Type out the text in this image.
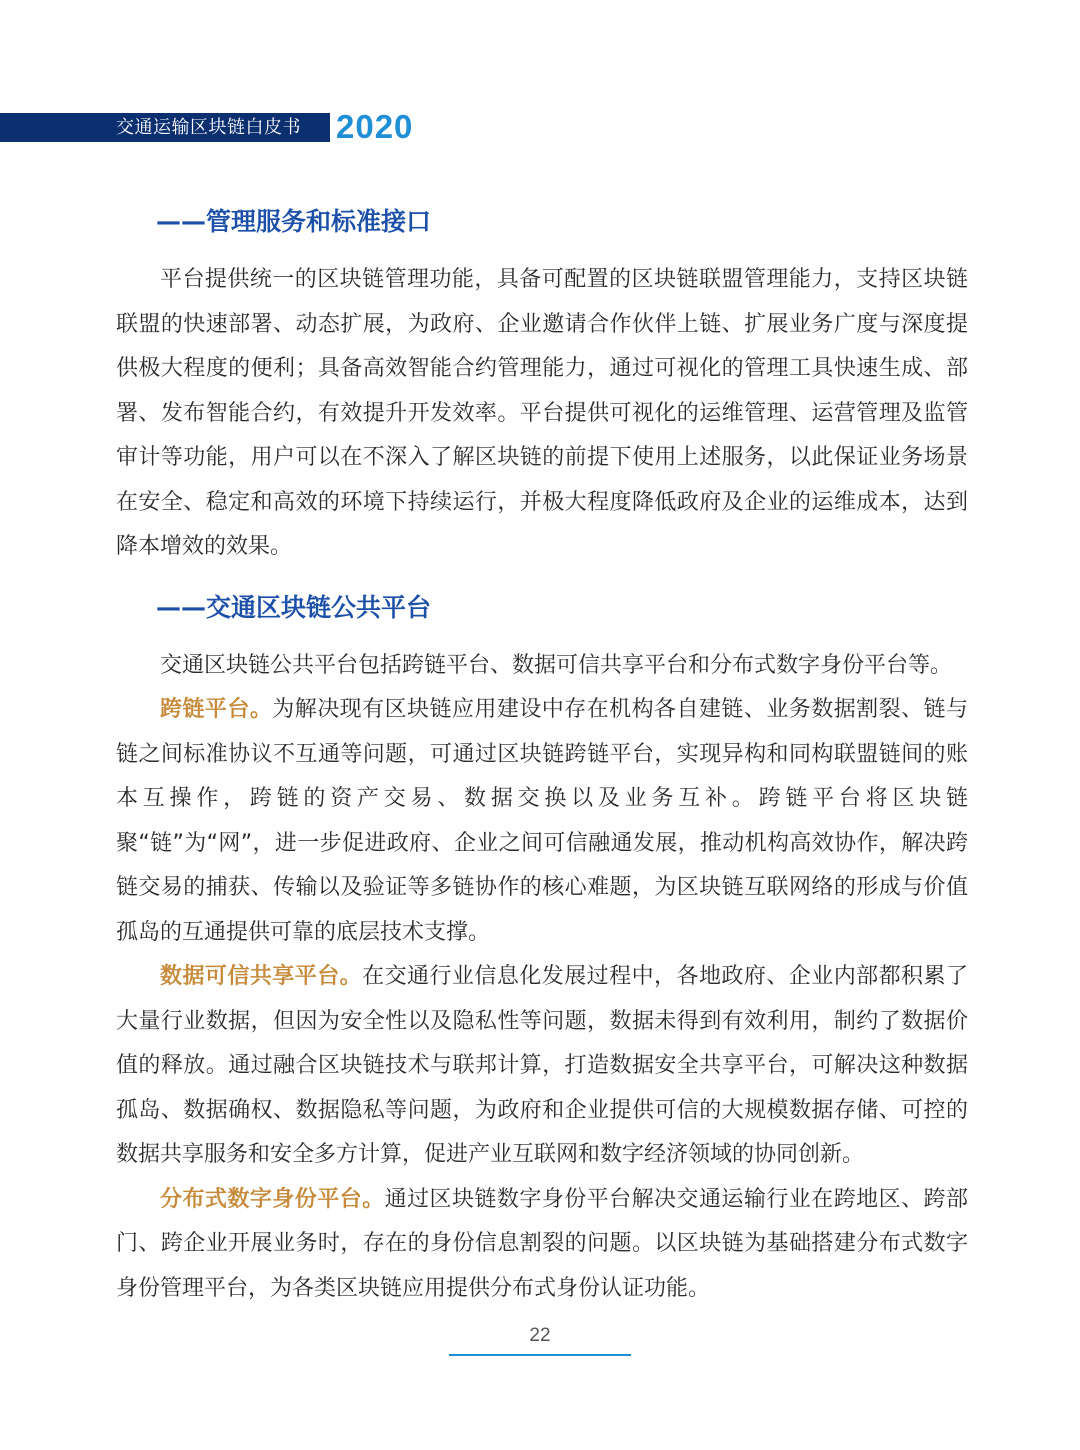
交通运输区块链白皮书 2020
——管理服务和标准接口

平台提供统一的区块链管理功能，具备可配置的区块链联盟管理能力，支持区块链联盟的快速部署、动态扩展，为政府、企业邀请合作伙伴上链、扩展业务广度与深度提供极大程度的便利；具备高效智能合约管理能力，通过可视化的管理工具快速生成、部署、发布智能合约，有效提升开发效率。平台提供可视化的运维管理、运营管理及监管审计等功能，用户可以在不深入了解区块链的前提下使用上述服务，以此保证业务场景在安全、稳定和高效的环境下持续运行，并极大程度降低政府及企业的运维成本，达到降本增效的效果。

——交通区块链公共平台

交通区块链公共平台包括跨链平台、数据可信共享平台和分布式数字身份平台等。

跨链平台。为解决现有区块链应用建设中存在机构各自建链、业务数据割裂、链与链之间标准协议不互通等问题，可通过区块链跨链平台，实现异构和同构联盟链间的账本互操作，跨链的资产交易、数据交换以及业务互补。跨链平台将区块链聚“链”为“网”，进一步促进政府、企业之间可信融通发展，推动机构高效协作，解决跨链交易的捕获、传输以及验证等多链协作的核心难题，为区块链互联网络的形成与价值孤岛的互通提供可靠的底层技术支撑。

数据可信共享平台。在交通行业信息化发展过程中，各地政府、企业内部都积累了大量行业数据，但因为安全性以及隐私性等问题，数据未得到有效利用，制约了数据价值的释放。通过融合区块链技术与联邦计算，打造数据安全共享平台，可解决这种数据孤岛、数据确权、数据隐私等问题，为政府和企业提供可信的大规模数据存储、可控的数据共享服务和安全多方计算，促进产业互联网和数字经济领域的协同创新。

分布式数字身份平台。通过区块链数字身份平台解决交通运输行业在跨地区、跨部门、跨企业开展业务时，存在的身份信息割裂的问题。以区块链为基础搭建分布式数字身份管理平台，为各类区块链应用提供分布式身份认证功能。

22
